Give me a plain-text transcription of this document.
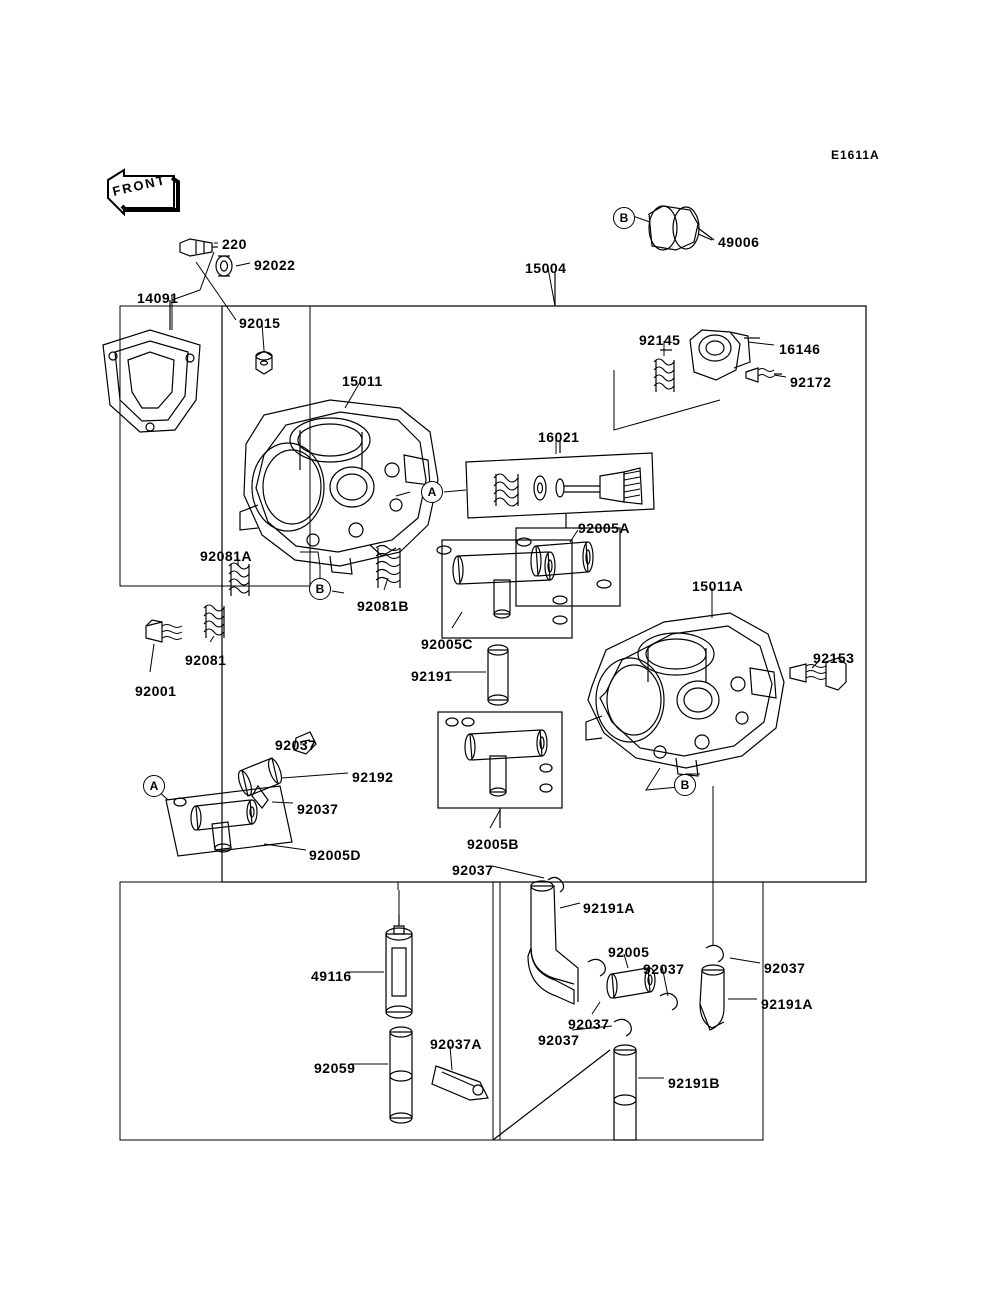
E1611A
FRONT
220
92022
14091
92015
15011
49006
15004
92145
16146
92172
16021
92005A
92081A
92081B
92081
92001
92005C
92191
15011A
92153
92037
92192
92037
92005D
92005B
92037
92191A
92005
92037	92037
92191A
49116
92037
92037
92037A
92059
92191B
A
B
B
A	B
